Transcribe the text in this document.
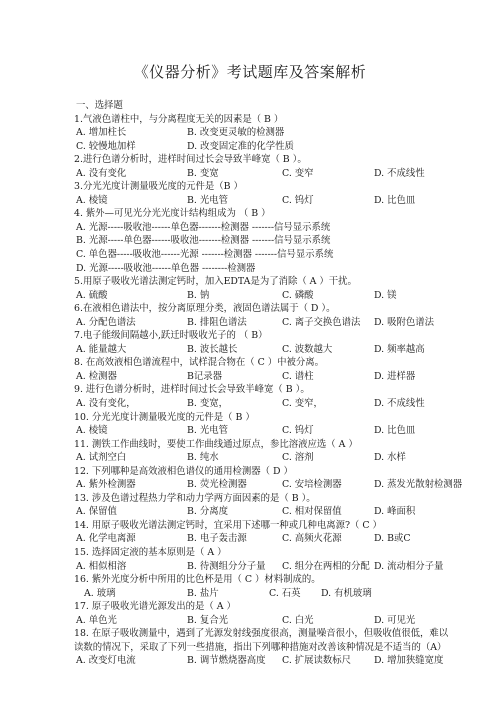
《仪器分析》考试题库及答案解析
一、选择题
1.气液色谱柱中，与分离程度无关的因素是（ B ）
A. 增加柱长	B. 改变更灵敏的检测器
C. 较慢地加样	D. 改变固定准的化学性质
2.进行色谱分析时，进样时间过长会导致半峰宽（ B ）。
A. 没有变化	B. 变宽	C. 变窄	D. 不成线性
3.分光光度计测量吸光度的元件是（B ）
A. 棱镜	B. 光电管	C. 钨灯	D. 比色皿
4. 紫外—可见光分光光度计结构组成为 （ B ）
A. 光源-----吸收池------单色器-------检测器 -------信号显示系统
B. 光源-----单色器------吸收池-------检测器 -------信号显示系统
C. 单色器-----吸收池------光源 -------检测器 -------信号显示系统
D. 光源-----吸收池------单色器 --------检测器
5.用原子吸收光谱法测定钙时，加入EDTA是为了消除（ A ）干扰。
A. 硫酸	B. 钠	C. 磷酸	D. 镁
6.在液相色谱法中，按分离原理分类，液固色谱法属于（ D ）。
A. 分配色谱法	B. 排阻色谱法	C. 离子交换色谱法 D. 吸附色谱法
7.电子能级间隔越小,跃迁时吸收光子的 （ B）
A. 能量越大	B. 波长越长	C. 波数越大	D. 频率越高
8. 在高效液相色谱流程中，试样混合物在（ C ）中被分离。
A. 检测器	B记录器	C. 谱柱	D. 进样器
9. 进行色谱分析时，进样时间过长会导致半峰宽（ B ）。
A. 没有变化，	B. 变宽，	C. 变窄，	D. 不成线性
10. 分光光度计测量吸光度的元件是（ B ）
A. 棱镜	B. 光电管	C. 钨灯	D. 比色皿
11. 测铁工作曲线时，要使工作曲线通过原点，参比溶液应选（ A ）
A. 试剂空白	B. 纯水	C. 溶剂	D. 水样
12. 下列哪种是高效液相色谱仪的通用检测器（ D ）
A. 紫外检测器	B. 荧光检测器	C. 安培检测器	D. 蒸发光散射检测器
13. 涉及色谱过程热力学和动力学两方面因素的是（ B ）。
A. 保留值	B. 分离度	C. 相对保留值	D. 峰面积
14. 用原子吸收光谱法测定钙时，宜采用下述哪一种或几种电离源?（ C ）
A. 化学电离源	B. 电子轰击源	C. 高频火花源	D. B或C
15. 选择固定液的基本原则是（ A ）
A. 相似相溶	B. 待测组分分子量 C. 组分在两相的分配 D. 流动相分子量
16. 紫外光度分析中所用的比色杯是用（ C ）材料制成的。
A. 玻璃	B. 盐片	C. 石英 D. 有机玻璃
17. 原子吸收光谱光源发出的是（ A ）
A. 单色光	B. 复合光	C. 白光	D. 可见光
18. 在原子吸收测量中，遇到了光源发射线强度很高，测量噪音很小，但吸收值很低，难以
读数的情况下，采取了下列一些措施，指出下列哪种措施对改善该种情况是不适当的（A）
A. 改变灯电流	B. 调节燃烧器高度 C. 扩展读数标尺 D. 增加狭缝宽度
